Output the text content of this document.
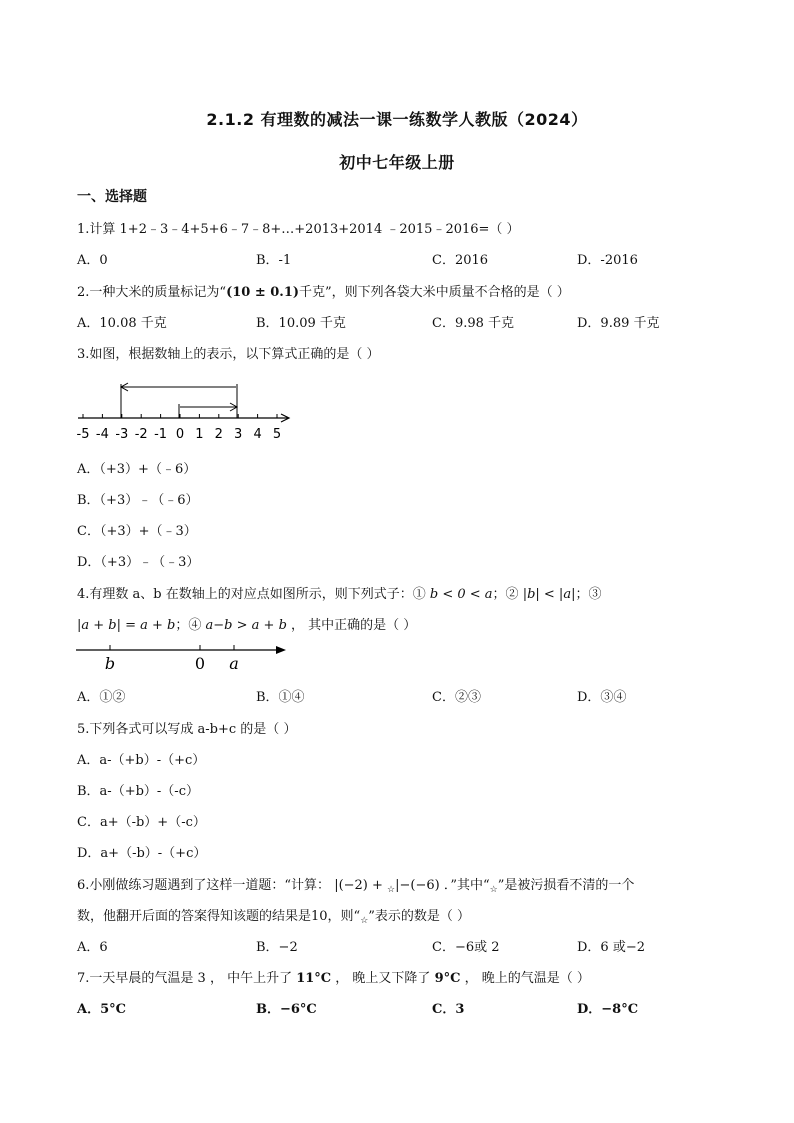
2.1.2 有理数的减法一课一练数学人教版（2024）
初中七年级上册
一、选择题
1.计算 1+2﹣3﹣4+5+6﹣7﹣8+…+2013+2014 ﹣2015﹣2016=（ ）
A．0	B．-1	C．2016	D．-2016
2.一种大米的质量标记为“(10 ± 0.1)千克”，则下列各袋大米中质量不合格的是（ ）
A．10.08 千克	B．10.09 千克	C．9.98 千克	D．9.89 千克
3.如图，根据数轴上的表示，以下算式正确的是（ ）
-5 -4 -3 -2 -1 0 1 2 3 4 5
A．（+3）+（﹣6）
B．（+3）﹣（﹣6）
C．（+3）+（﹣3）
D．（+3）﹣（﹣3）
4.有理数 a、b 在数轴上的对应点如图所示，则下列式子：① b < 0 < a；② |b| < |a|；③
|a + b| = a + b；④ a−b > a + b ， 其中正确的是（ ）
b	0 a
A．①②	B．①④	C．②③	D．③④
5.下列各式可以写成 a-b+c 的是（ ）
A．a-（+b）-（+c）
B．a-（+b）-（-c）
C．a+（-b）+（-c）
D．a+（-b）-（+c）
6.小刚做练习题遇到了这样一道题：“计算： |(−2) + $_☆$|−(−6) ．”其中“$_☆$”是被污损看不清的一个
数，他翻开后面的答案得知该题的结果是10，则“$_☆$”表示的数是（ ）
A．6	B．−2	C．−6或 2	D．6 或−2
7.一天早晨的气温是 3 ， 中午上升了 11°C ， 晚上又下降了 9°C ， 晚上的气温是（ ）
A．5°C	B．−6°C	C．3	D．−8°C
